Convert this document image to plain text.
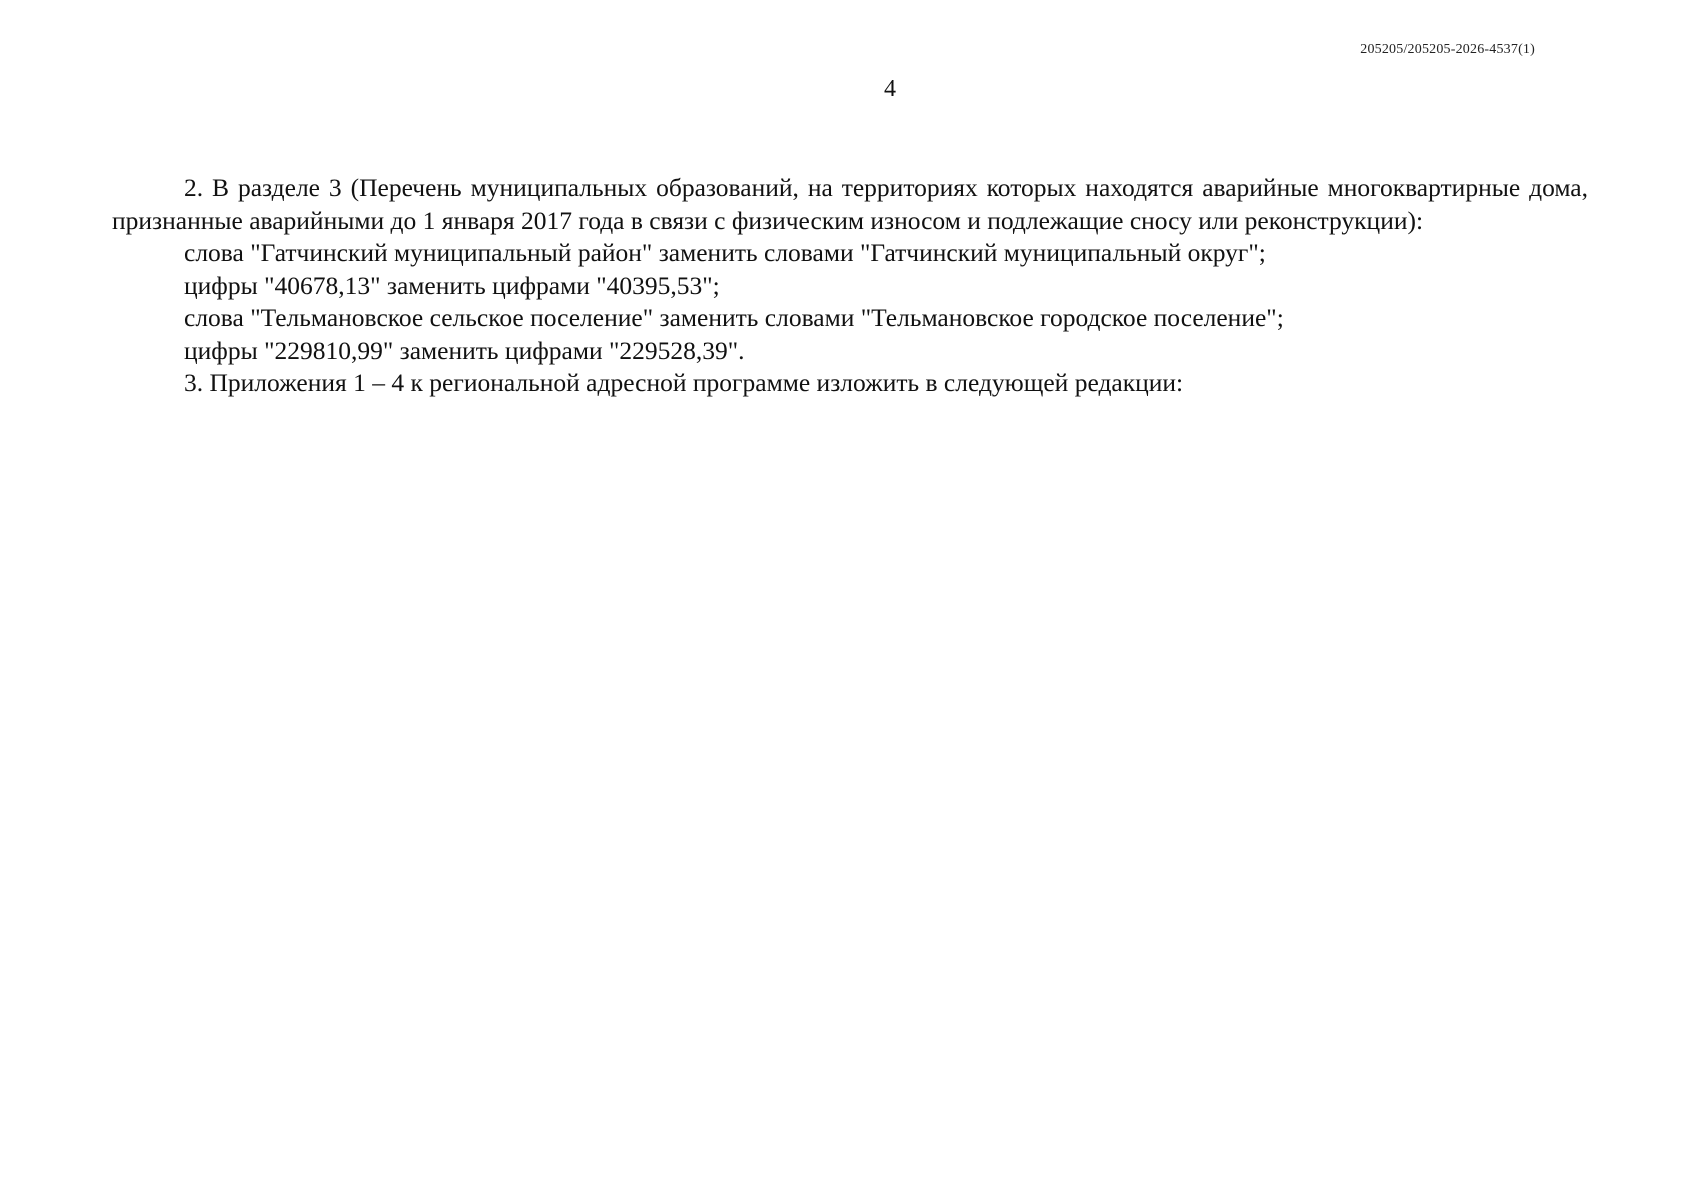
205205/205205-2026-4537(1)
4

2. В разделе 3 (Перечень муниципальных образований, на территориях которых находятся аварийные многоквартирные дома, признанные аварийными до 1 января 2017 года в связи с физическим износом и подлежащие сносу или реконструкции):

слова "Гатчинский муниципальный район" заменить словами "Гатчинский муниципальный округ";

цифры "40678,13" заменить цифрами "40395,53";

слова "Тельмановское сельское поселение" заменить словами "Тельмановское городское поселение";

цифры "229810,99" заменить цифрами "229528,39".

3. Приложения 1 – 4 к региональной адресной программе изложить в следующей редакции:
